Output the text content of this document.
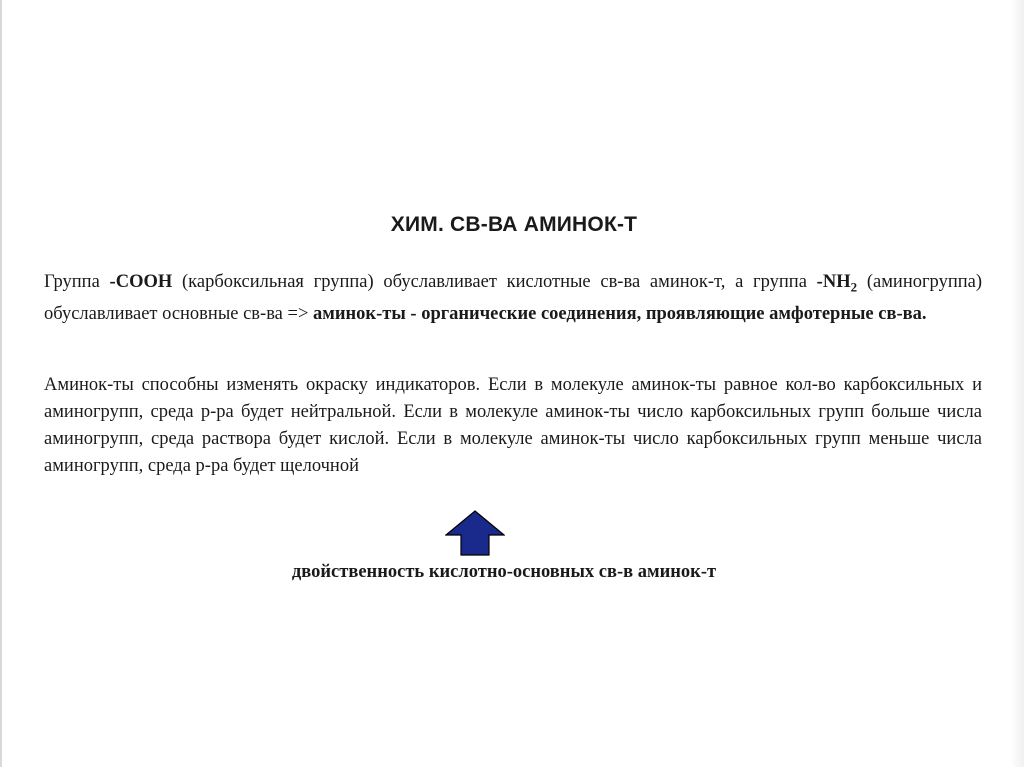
ХИМ. СВ-ВА АМИНОК-Т
Группа -COOH (карбоксильная группа) обуславливает кислотные св-ва аминок-т, а группа $-NH_2$ (аминогруппа) обуславливает основные св-ва => аминок-ты - органические соединения, проявляющие амфотерные св-ва.
Аминок-ты способны изменять окраску индикаторов. Если в молекуле аминок-ты равное кол-во карбоксильных и аминогрупп, среда р-ра будет нейтральной. Если в молекуле аминок-ты число карбоксильных групп больше числа аминогрупп, среда раствора будет кислой. Если в молекуле аминок-ты число карбоксильных групп меньше числа аминогрупп, среда р-ра будет щелочной
двойственность кислотно-основных св-в аминок-т
